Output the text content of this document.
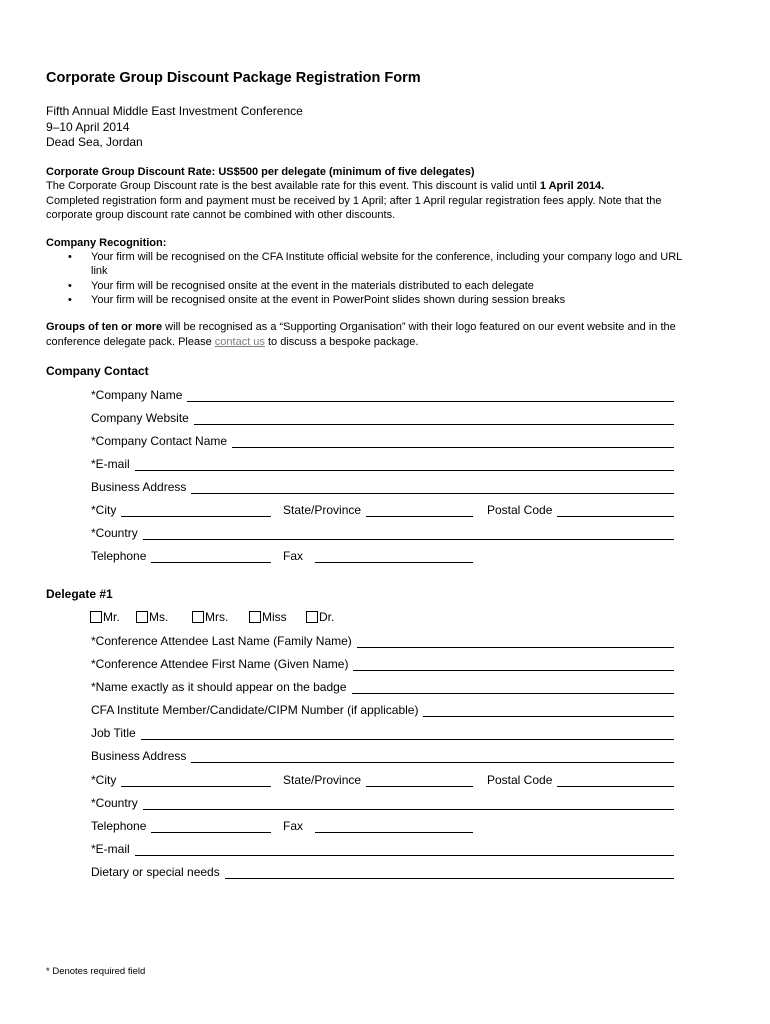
Corporate Group Discount Package Registration Form
Fifth Annual Middle East Investment Conference
9–10 April 2014
Dead Sea, Jordan
Corporate Group Discount Rate: US$500 per delegate (minimum of five delegates)
The Corporate Group Discount rate is the best available rate for this event. This discount is valid until 1 April 2014.
Completed registration form and payment must be received by 1 April; after 1 April regular registration fees apply. Note that the
corporate group discount rate cannot be combined with other discounts.
Company Recognition:
• Your firm will be recognised on the CFA Institute official website for the conference, including your company logo and URL link
• Your firm will be recognised onsite at the event in the materials distributed to each delegate
• Your firm will be recognised onsite at the event in PowerPoint slides shown during session breaks
Groups of ten or more will be recognised as a “Supporting Organisation” with their logo featured on our event website and in the
conference delegate pack. Please contact us to discuss a bespoke package.
Company Contact
*Company Name
Company Website
*Company Contact Name
*E-mail
Business Address
*City	State/Province	Postal Code
*Country
Telephone	Fax
Delegate #1
Mr.	Ms.	Mrs.	Miss	Dr.
*Conference Attendee Last Name (Family Name)
*Conference Attendee First Name (Given Name)
*Name exactly as it should appear on the badge
CFA Institute Member/Candidate/CIPM Number (if applicable)
Job Title
Business Address
*City	State/Province	Postal Code
*Country
Telephone	Fax
*E-mail
Dietary or special needs
* Denotes required field
